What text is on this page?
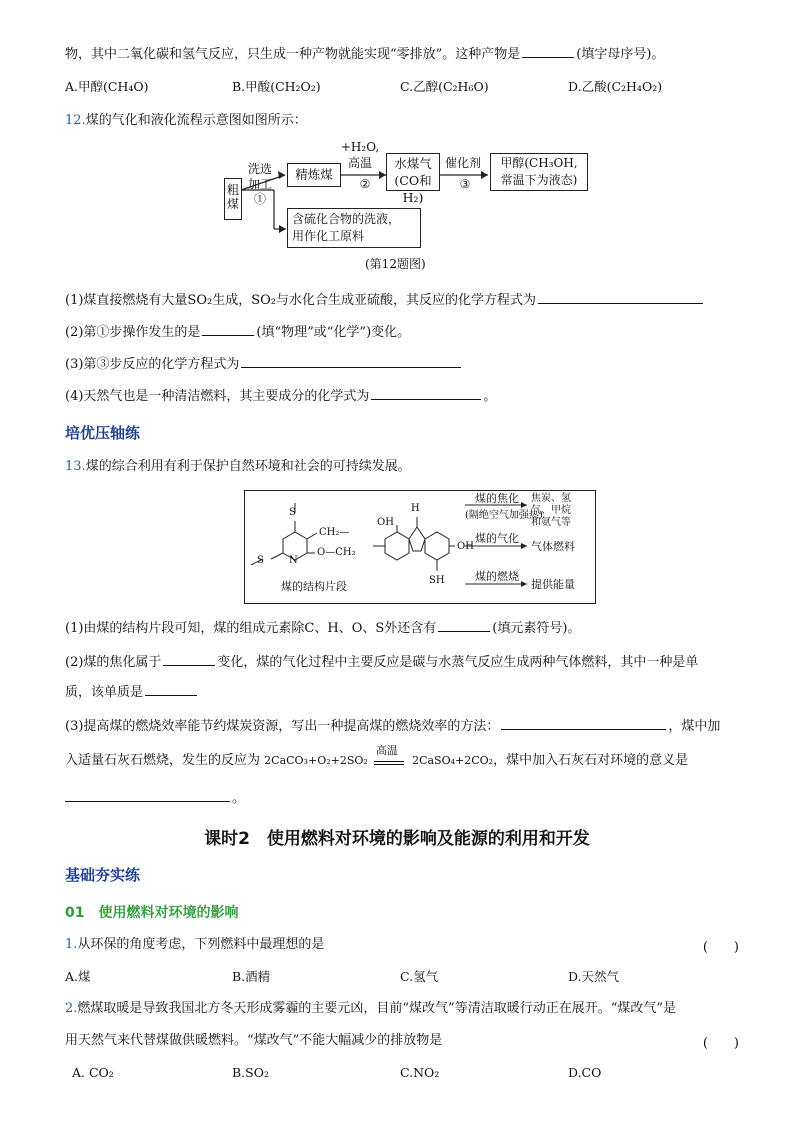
物，其中二氧化碳和氢气反应，只生成一种产物就能实现“零排放”。这种产物是	(填字母序号)。
A.甲醇(CH₄O)	B.甲酸(CH₂O₂)	C.乙醇(C₂H₆O)	D.乙酸(C₂H₄O₂)
12.煤的气化和液化流程示意图如图所示：
粗煤
洗选加工①
精炼煤
+H₂O,
高温
②
水煤气
(CO和H₂)
催化剂
③
甲醇(CH₃OH,
常温下为液态)
含硫化合物的洗液，
用作化工原料
(第12题图)
(1)煤直接燃烧有大量SO₂生成，SO₂与水化合生成亚硫酸，其反应的化学方程式为
(2)第①步操作发生的是	(填“物理”或“化学”)变化。
(3)第③步反应的化学方程式为
(4)天然气也是一种清洁燃料，其主要成分的化学式为	。
培优压轴练
13.煤的综合利用有利于保护自然环境和社会的可持续发展。
S
CH₂—
S	N
O—CH₂
OH
H
OH
SH
煤的结构片段
煤的焦化
(隔绝空气加强热)
焦炭、氢
气、甲烷
和氨气等
煤的气化
气体燃料
煤的燃烧
提供能量
(1)由煤的结构片段可知，煤的组成元素除C、H、O、S外还含有	(填元素符号)。
(2)煤的焦化属于	变化，煤的气化过程中主要反应是碳与水蒸气反应生成两种气体燃料，其中一种是单
质，该单质是
(3)提高煤的燃烧效率能节约煤炭资源，写出一种提高煤的燃烧效率的方法：	，煤中加
入适量石灰石燃烧，发生的反应为 2CaCO₃+O₂+2SO₂
高温
2CaSO₄+2CO₂，煤中加入石灰石对环境的意义是
。
课时2　使用燃料对环境的影响及能源的利用和开发
基础夯实练
01　使用燃料对环境的影响
1.从环保的角度考虑，下列燃料中最理想的是	(　　)
A.煤	B.酒精	C.氢气	D.天然气
2.燃煤取暖是导致我国北方冬天形成雾霾的主要元凶，目前“煤改气”等清洁取暖行动正在展开。“煤改气”是
用天然气来代替煤做供暖燃料。“煤改气”不能大幅减少的排放物是	(　　)
A. CO₂	B.SO₂	C.NO₂	D.CO
